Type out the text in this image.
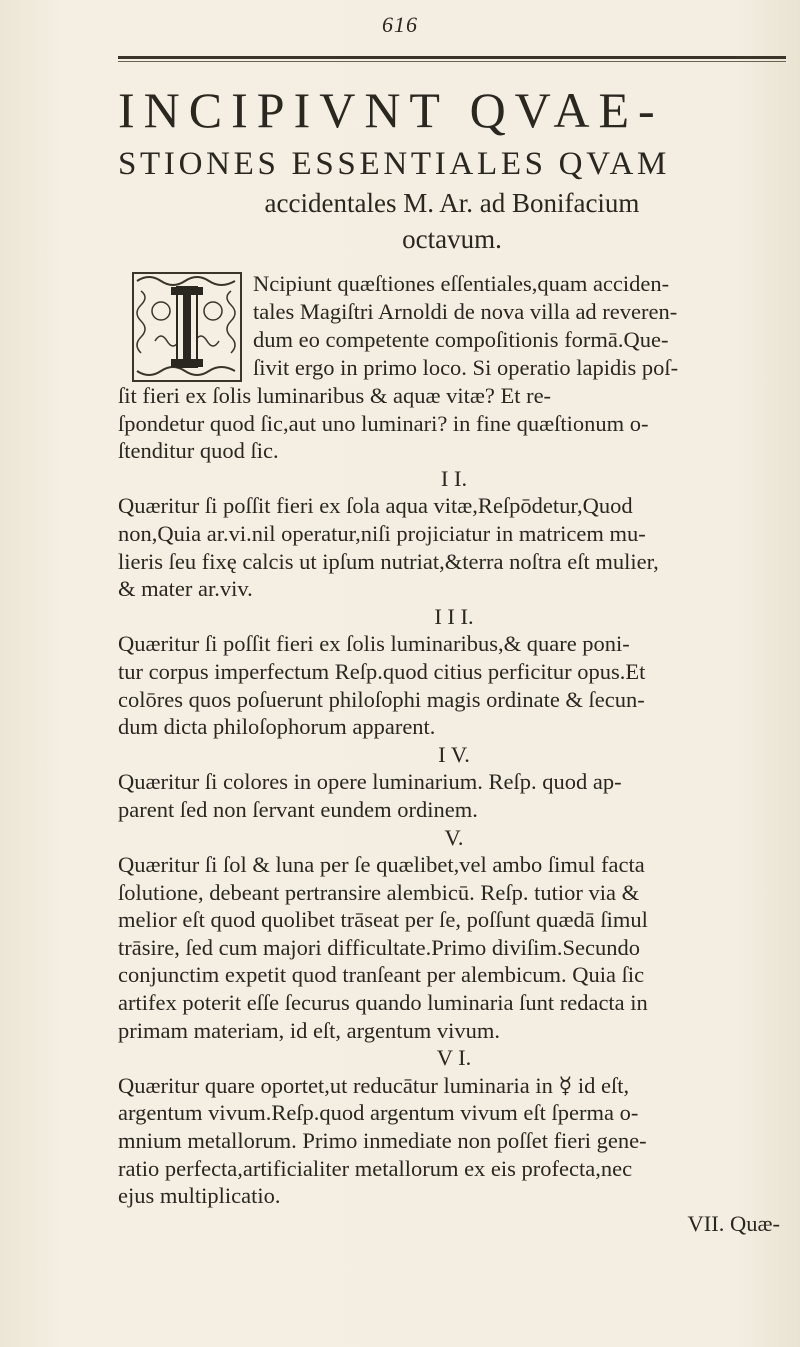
616
INCIPIVNT QVAE-
STIONES ESSENTIALES QVAM
accidentales M. Ar. ad Bonifacium
octavum.
Ncipiunt quæſtiones eſſentiales,quam acciden-
tales Magiſtri Arnoldi de nova villa ad reveren-
dum eo competente compoſitionis formā.Que-
ſivit ergo in primo loco. Si operatio lapidis poſ-
ſit fieri ex ſolis luminaribus & aquæ vitæ? Et re-
ſpondetur quod ſic,aut uno luminari? in fine quæſtionum o-
ſtenditur quod ſic.
I I.
Quæritur ſi poſſit fieri ex ſola aqua vitæ,Reſpōdetur,Quod
non,Quia ar.vi.nil operatur,niſi projiciatur in matricem mu-
lieris ſeu fixę calcis ut ipſum nutriat,&terra noſtra eſt mulier,
& mater ar.viv.
I I I.
Quæritur ſi poſſit fieri ex ſolis luminaribus,& quare poni-
tur corpus imperfectum Reſp.quod citius perficitur opus.Et
colōres quos poſuerunt philoſophi magis ordinate & ſecun-
dum dicta philoſophorum apparent.
I V.
Quæritur ſi colores in opere luminarium. Reſp. quod ap-
parent ſed non ſervant eundem ordinem.
V.
Quæritur ſi ſol & luna per ſe quælibet,vel ambo ſimul facta
ſolutione, debeant pertransire alembicū. Reſp. tutior via &
melior eſt quod quolibet trāseat per ſe, poſſunt quædā ſimul
trāsire, ſed cum majori difficultate.Primo diviſim.Secundo
conjunctim expetit quod tranſeant per alembicum. Quia ſic
artifex poterit eſſe ſecurus quando luminaria ſunt redacta in
primam materiam, id eſt, argentum vivum.
V I.
Quæritur quare oportet,ut reducātur luminaria in ☿ id eſt,
argentum vivum.Reſp.quod argentum vivum eſt ſperma o-
mnium metallorum. Primo inmediate non poſſet fieri gene-
ratio perfecta,artificialiter metallorum ex eis profecta,nec
ejus multiplicatio.
VII. Quæ-
